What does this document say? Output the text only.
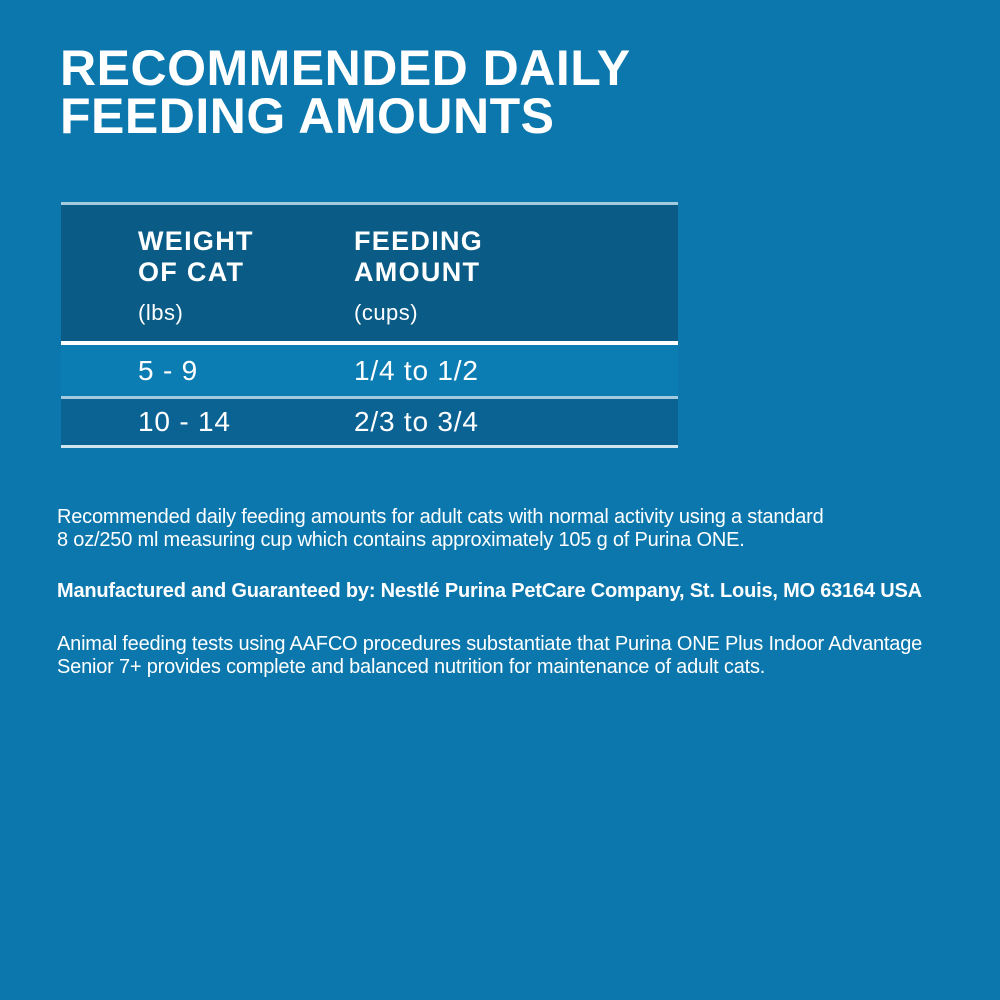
RECOMMENDED DAILY
FEEDING AMOUNTS
WEIGHT
OF CAT
(lbs)
FEEDING
AMOUNT
(cups)
5 - 9	1/4 to 1/2
10 - 14	2/3 to 3/4
Recommended daily feeding amounts for adult cats with normal activity using a standard
8 oz/250 ml measuring cup which contains approximately 105 g of Purina ONE.
Manufactured and Guaranteed by: Nestlé Purina PetCare Company, St. Louis, MO 63164 USA
Animal feeding tests using AAFCO procedures substantiate that Purina ONE Plus Indoor Advantage
Senior 7+ provides complete and balanced nutrition for maintenance of adult cats.
